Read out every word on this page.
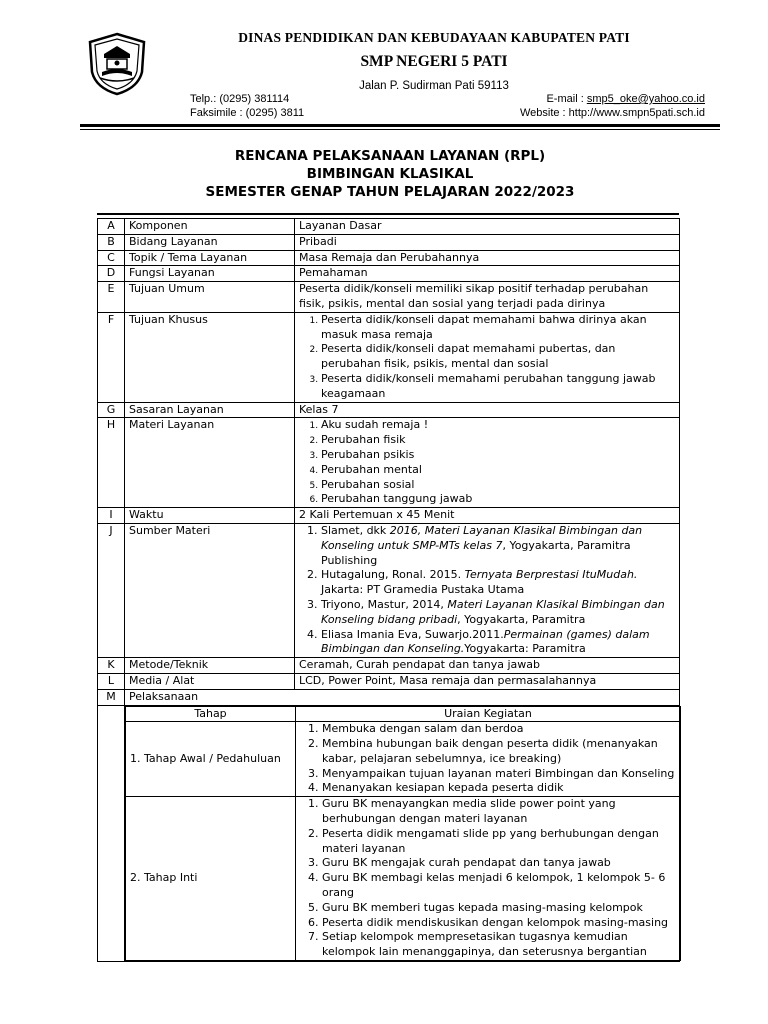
DINAS PENDIDIKAN DAN KEBUDAYAAN KABUPATEN PATI
SMP NEGERI 5 PATI
Jalan P. Sudirman Pati 59113
Telp.: (0295) 381114
Faksimile : (0295) 3811
E-mail : smp5_oke@yahoo.co.id
Website : http://www.smpn5pati.sch.id
RENCANA PELAKSANAAN LAYANAN (RPL)
BIMBINGAN KLASIKAL
SEMESTER GENAP TAHUN PELAJARAN 2022/2023
A	Komponen	Layanan Dasar
B	Bidang Layanan	Pribadi
C	Topik / Tema Layanan	Masa Remaja dan Perubahannya
D	Fungsi Layanan	Pemahaman
E	Tujuan Umum	Peserta didik/konseli memiliki sikap positif terhadap perubahan fisik, psikis, mental dan sosial yang terjadi pada dirinya
F	Tujuan Khusus	
1.Peserta didik/konseli dapat memahami bahwa dirinya akan masuk masa remaja
2. Peserta didik/konseli dapat memahami pubertas, dan perubahan fisik, psikis, mental dan sosial
3. Peserta didik/konseli memahami perubahan tanggung jawab keagamaan

G	Sasaran Layanan	Kelas 7
H	Materi Layanan	
1.Aku sudah remaja !
2. Perubahan fisik
3. Perubahan psikis
4. Perubahan mental
5. Perubahan sosial
6. Perubahan tanggung jawab

I	Waktu	2 Kali Pertemuan x 45 Menit
J	Sumber Materi	
1.Slamet, dkk 2016, Materi Layanan Klasikal Bimbingan dan Konseling untuk SMP-MTs kelas 7, Yogyakarta, Paramitra Publishing
2. Hutagalung, Ronal. 2015. Ternyata Berprestasi ItuMudah. Jakarta: PT Gramedia Pustaka Utama
3. Triyono, Mastur, 2014, Materi Layanan Klasikal Bimbingan dan Konseling bidang pribadi, Yogyakarta, Paramitra
4. Eliasa Imania Eva, Suwarjo.2011.Permainan (games) dalam Bimbingan dan Konseling.Yogyakarta: Paramitra

K	Metode/Teknik	Ceramah, Curah pendapat dan tanya jawab
L	Media / Alat	LCD, Power Point, Masa remaja dan permasalahannya
M	Pelaksanaan

Tahap	Uraian Kegiatan
1. Tahap Awal / Pedahuluan	
1. Membuka dengan salam dan berdoa
2. Membina hubungan baik dengan peserta didik (menanyakan kabar, pelajaran sebelumnya, ice breaking)
3. Menyampaikan tujuan layanan materi Bimbingan dan Konseling
4. Menanyakan kesiapan kepada peserta didik

2. Tahap Inti	
1. Guru BK menayangkan media slide power point yang berhubungan dengan materi layanan
2. Peserta didik mengamati slide pp yang berhubungan dengan materi layanan
3. Guru BK mengajak curah pendapat dan tanya jawab
4. Guru BK membagi kelas menjadi 6 kelompok, 1 kelompok 5- 6 orang
5. Guru BK memberi tugas kepada masing-masing kelompok
6. Peserta didik mendiskusikan dengan kelompok masing-masing
7. Setiap kelompok mempresetasikan tugasnya kemudian kelompok lain menanggapinya, dan seterusnya bergantian
